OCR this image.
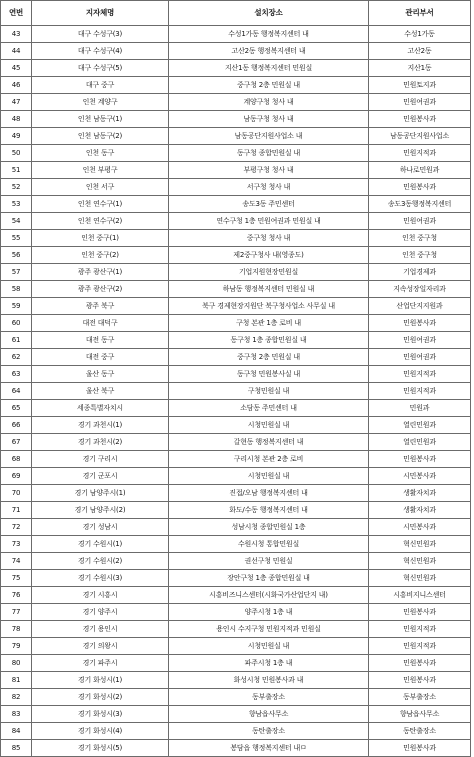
연번	지자체명	설치장소	관리부서
43	대구 수성구(3)	수성1가동 행정복지센터 내	수성1가동
44	대구 수성구(4)	고산2동 행정복지센터 내	고산2동
45	대구 수성구(5)	지산1동 행정복지센터 민원실	지산1동
46	대구 중구	중구청 2층 민원실 내	민원토지과
47	인천 계양구	계양구청 청사 내	민원여권과
48	인천 남동구(1)	남동구청 청사 내	민원봉사과
49	인천 남동구(2)	남동공단지원사업소 내	남동공단지원사업소
50	인천 동구	동구청 종합민원실 내	민원지적과
51	인천 부평구	부평구청 청사 내	하나로민원과
52	인천 서구	서구청 청사 내	민원봉사과
53	인천 연수구(1)	송도3동 주민센터	송도3동행정복지센터
54	인천 연수구(2)	연수구청 1층 민원여권과 민원실 내	민원여권과
55	인천 중구(1)	중구청 청사 내	인천 중구청
56	인천 중구(2)	제2중구청사 내(영종도)	인천 중구청
57	광주 광산구(1)	기업지원현장민원실	기업경제과
58	광주 광산구(2)	하남동 행정복지센터 민원실 내	지속성장일자리과
59	광주 북구	북구 경제현장지원단 북구청사업소 사무실 내	산업단지지원과
60	대전 대덕구	구청 본관 1층 로비 내	민원봉사과
61	대전 동구	동구청 1층 종합민원실 내	민원여권과
62	대전 중구	중구청 2층 민원실 내	민원여권과
63	울산 동구	동구청 민원봉사실 내	민원지적과
64	울산 북구	구청민원실 내	민원지적과
65	세종특별자치시	소담동 주민센터 내	민원과
66	경기 과천시(1)	시청민원실 내	열린민원과
67	경기 과천시(2)	갈현동 행정복지센터 내	열린민원과
68	경기 구리시	구리시청 본관 2층 로비	민원봉사과
69	경기 군포시	시청민원실 내	시민봉사과
70	경기 남양주시(1)	진접/오남 행정복지센터 내	생활자치과
71	경기 남양주시(2)	화도/수동 행정복지센터 내	생활자치과
72	경기 성남시	성남시청 종합민원실 1층	시민봉사과
73	경기 수원시(1)	수원시청 통합민원실	혁신민원과
74	경기 수원시(2)	권선구청 민원실	혁신민원과
75	경기 수원시(3)	장안구청 1층 종합민원실 내	혁신민원과
76	경기 시흥시	시흥비즈니스센터(시화국가산업단지 내)	시흥비지니스센터
77	경기 양주시	양주시청 1층 내	민원봉사과
78	경기 용인시	용인시 수지구청 민원지적과 민원실	민원지적과
79	경기 의왕시	시청민원실 내	민원지적과
80	경기 파주시	파주시청 1층 내	민원봉사과
81	경기 화성시(1)	화성시청 민원봉사과 내	민원봉사과
82	경기 화성시(2)	동부출장소	동부출장소
83	경기 화성시(3)	향남읍사무소	향남읍사무소
84	경기 화성시(4)	동탄출장소	동탄출장소
85	경기 화성시(5)	봉담읍 행정복지센터 내ㅁ	민원봉사과
